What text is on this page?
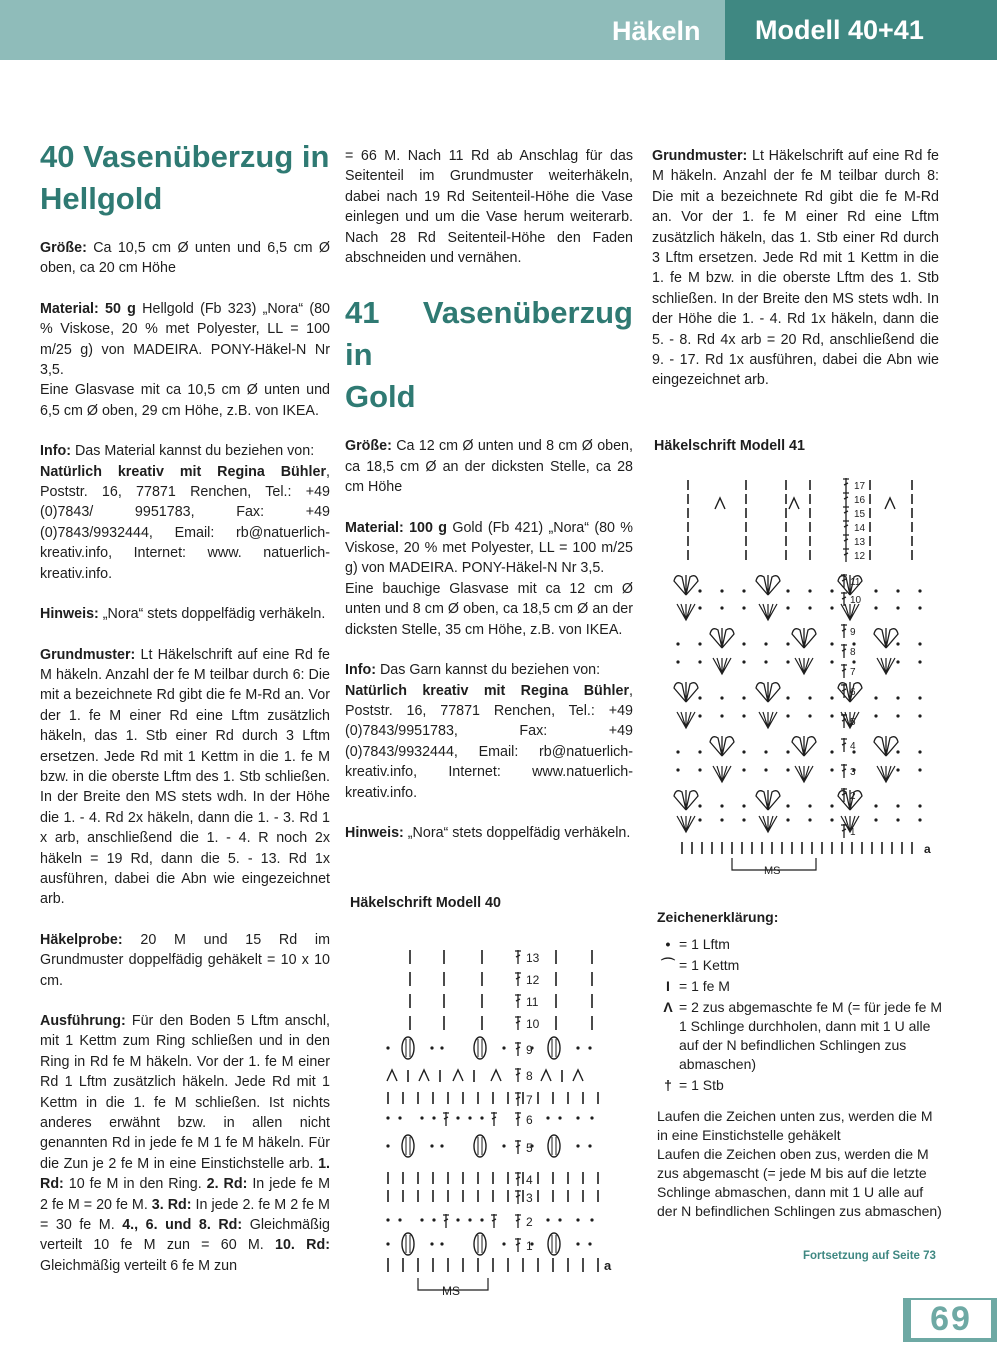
Häkeln	Modell 40+41
40 Vasenüberzug in
Hellgold

Größe: Ca 10,5 cm Ø unten und 6,5 cm Ø oben, ca 20 cm Höhe

Material: 50 g Hellgold (Fb 323) „Nora“ (80 % Viskose, 20 % met Polyester, LL = 100 m/25 g) von MADEIRA. PONY-Häkel-N Nr 3,5.

Eine Glasvase mit ca 10,5 cm Ø unten und 6,5 cm Ø oben, 29 cm Höhe, z.B. von IKEA.

Info: Das Material kannst du beziehen von:
Natürlich kreativ mit Regina Bühler, Poststr. 16, 77871 Renchen, Tel.: +49 (0)7843/ 9951783, Fax: +49 (0)7843/9932444, Email: rb@natuerlich-kreativ.info, Internet: www. natuerlich-kreativ.info.

Hinweis: „Nora“ stets doppelfädig verhäkeln.

Grundmuster: Lt Häkelschrift auf eine Rd fe M häkeln. Anzahl der fe M teilbar durch 6: Die mit a bezeichnete Rd gibt die fe M-Rd an. Vor der 1. fe M einer Rd eine Lftm zusätzlich häkeln, das 1. Stb einer Rd durch 3 Lftm ersetzen. Jede Rd mit 1 Kettm in die 1. fe M bzw. in die oberste Lftm des 1. Stb schließen. In der Breite den MS stets wdh. In der Höhe die 1. - 4. Rd 2x häkeln, dann die 1. - 3. Rd 1 x arb, anschließend die 1. - 4. R noch 2x häkeln = 19 Rd, dann die 5. - 13. Rd 1x ausführen, dabei die Abn wie eingezeichnet arb.

Häkelprobe: 20 M und 15 Rd im Grundmuster doppelfädig gehäkelt = 10 x 10 cm.

Ausführung: Für den Boden 5 Lftm anschl, mit 1 Kettm zum Ring schließen und in den Ring in Rd fe M häkeln. Vor der 1. fe M einer Rd 1 Lftm zusätzlich häkeln. Jede Rd mit 1 Kettm in die 1. fe M schließen. Ist nichts anderes erwähnt bzw. in allen nicht genannten Rd in jede fe M 1 fe M häkeln. Für die Zun je 2 fe M in eine Einstichstelle arb. 1. Rd: 10 fe M in den Ring. 2. Rd: In jede fe M 2 fe M = 20 fe M. 3. Rd: In jede 2. fe M 2 fe M = 30 fe M. 4., 6. und 8. Rd: Gleichmäßig verteilt 10 fe M zun = 60 M. 10. Rd: Gleichmäßig verteilt 6 fe M zun

= 66 M. Nach 11 Rd ab Anschlag für das Seitenteil im Grundmuster weiterhäkeln, dabei nach 19 Rd Seitenteil-Höhe die Vase einlegen und um die Vase herum weiterarb. Nach 28 Rd Seitenteil-Höhe den Faden abschneiden und vernähen.

41 Vasenüberzug in
Gold

Größe: Ca 12 cm Ø unten und 8 cm Ø oben, ca 18,5 cm Ø an der dicksten Stelle, ca 28 cm Höhe

Material: 100 g Gold (Fb 421) „Nora“ (80 % Viskose, 20 % met Polyester, LL = 100 m/25 g) von MADEIRA. PONY-Häkel-N Nr 3,5.

Eine bauchige Glasvase mit ca 12 cm Ø unten und 8 cm Ø oben, ca 18,5 cm Ø an der dicksten Stelle, 35 cm Höhe, z.B. von IKEA.

Info: Das Garn kannst du beziehen von:
Natürlich kreativ mit Regina Bühler, Poststr. 16, 77871 Renchen, Tel.: +49 (0)7843/9951783, Fax: +49 (0)7843/9932444, Email: rb@natuerlich-kreativ.info, Internet: www.natuerlich-kreativ.info.

Hinweis: „Nora“ stets doppelfädig verhäkeln.

Häkelschrift Modell 40
13
12
11
10
9
8
7
6
5
4
3
2
1
a
MS

Grundmuster: Lt Häkelschrift auf eine Rd fe M häkeln. Anzahl der fe M teilbar durch 8: Die mit a bezeichnete Rd gibt die fe M-Rd an. Vor der 1. fe M einer Rd eine Lftm zusätzlich häkeln, das 1. Stb einer Rd durch 3 Lftm ersetzen. Jede Rd mit 1 Kettm in die 1. fe M bzw. in die oberste Lftm des 1. Stb schließen. In der Breite den MS stets wdh. In der Höhe die 1. - 4. Rd 1x häkeln, dann die 5. - 8. Rd 4x arb = 20 Rd, anschließend die 9. - 17. Rd 1x ausführen, dabei die Abn wie eingezeichnet arb.

Häkelschrift Modell 41
17
16
15
14
13
12
11
10
9
8
7
6
5
4
3
2
1
a
MS
Zeichenerklärung:
• = 1 Lftm
⌒ = 1 Kettm
I = 1 fe M
Λ = 2 zus abgemaschte fe M (= für jede fe M 1 Schlinge durchholen, dann mit 1 U alle auf der N befindlichen Schlingen zus abmaschen)
† = 1 Stb
Laufen die Zeichen unten zus, werden die M in eine Einstichstelle gehäkelt
Laufen die Zeichen oben zus, werden die M zus abgemascht (= jede M bis auf die letzte Schlinge abmaschen, dann mit 1 U alle auf der N befindlichen Schlingen zus abmaschen)
Fortsetzung auf Seite 73
69
